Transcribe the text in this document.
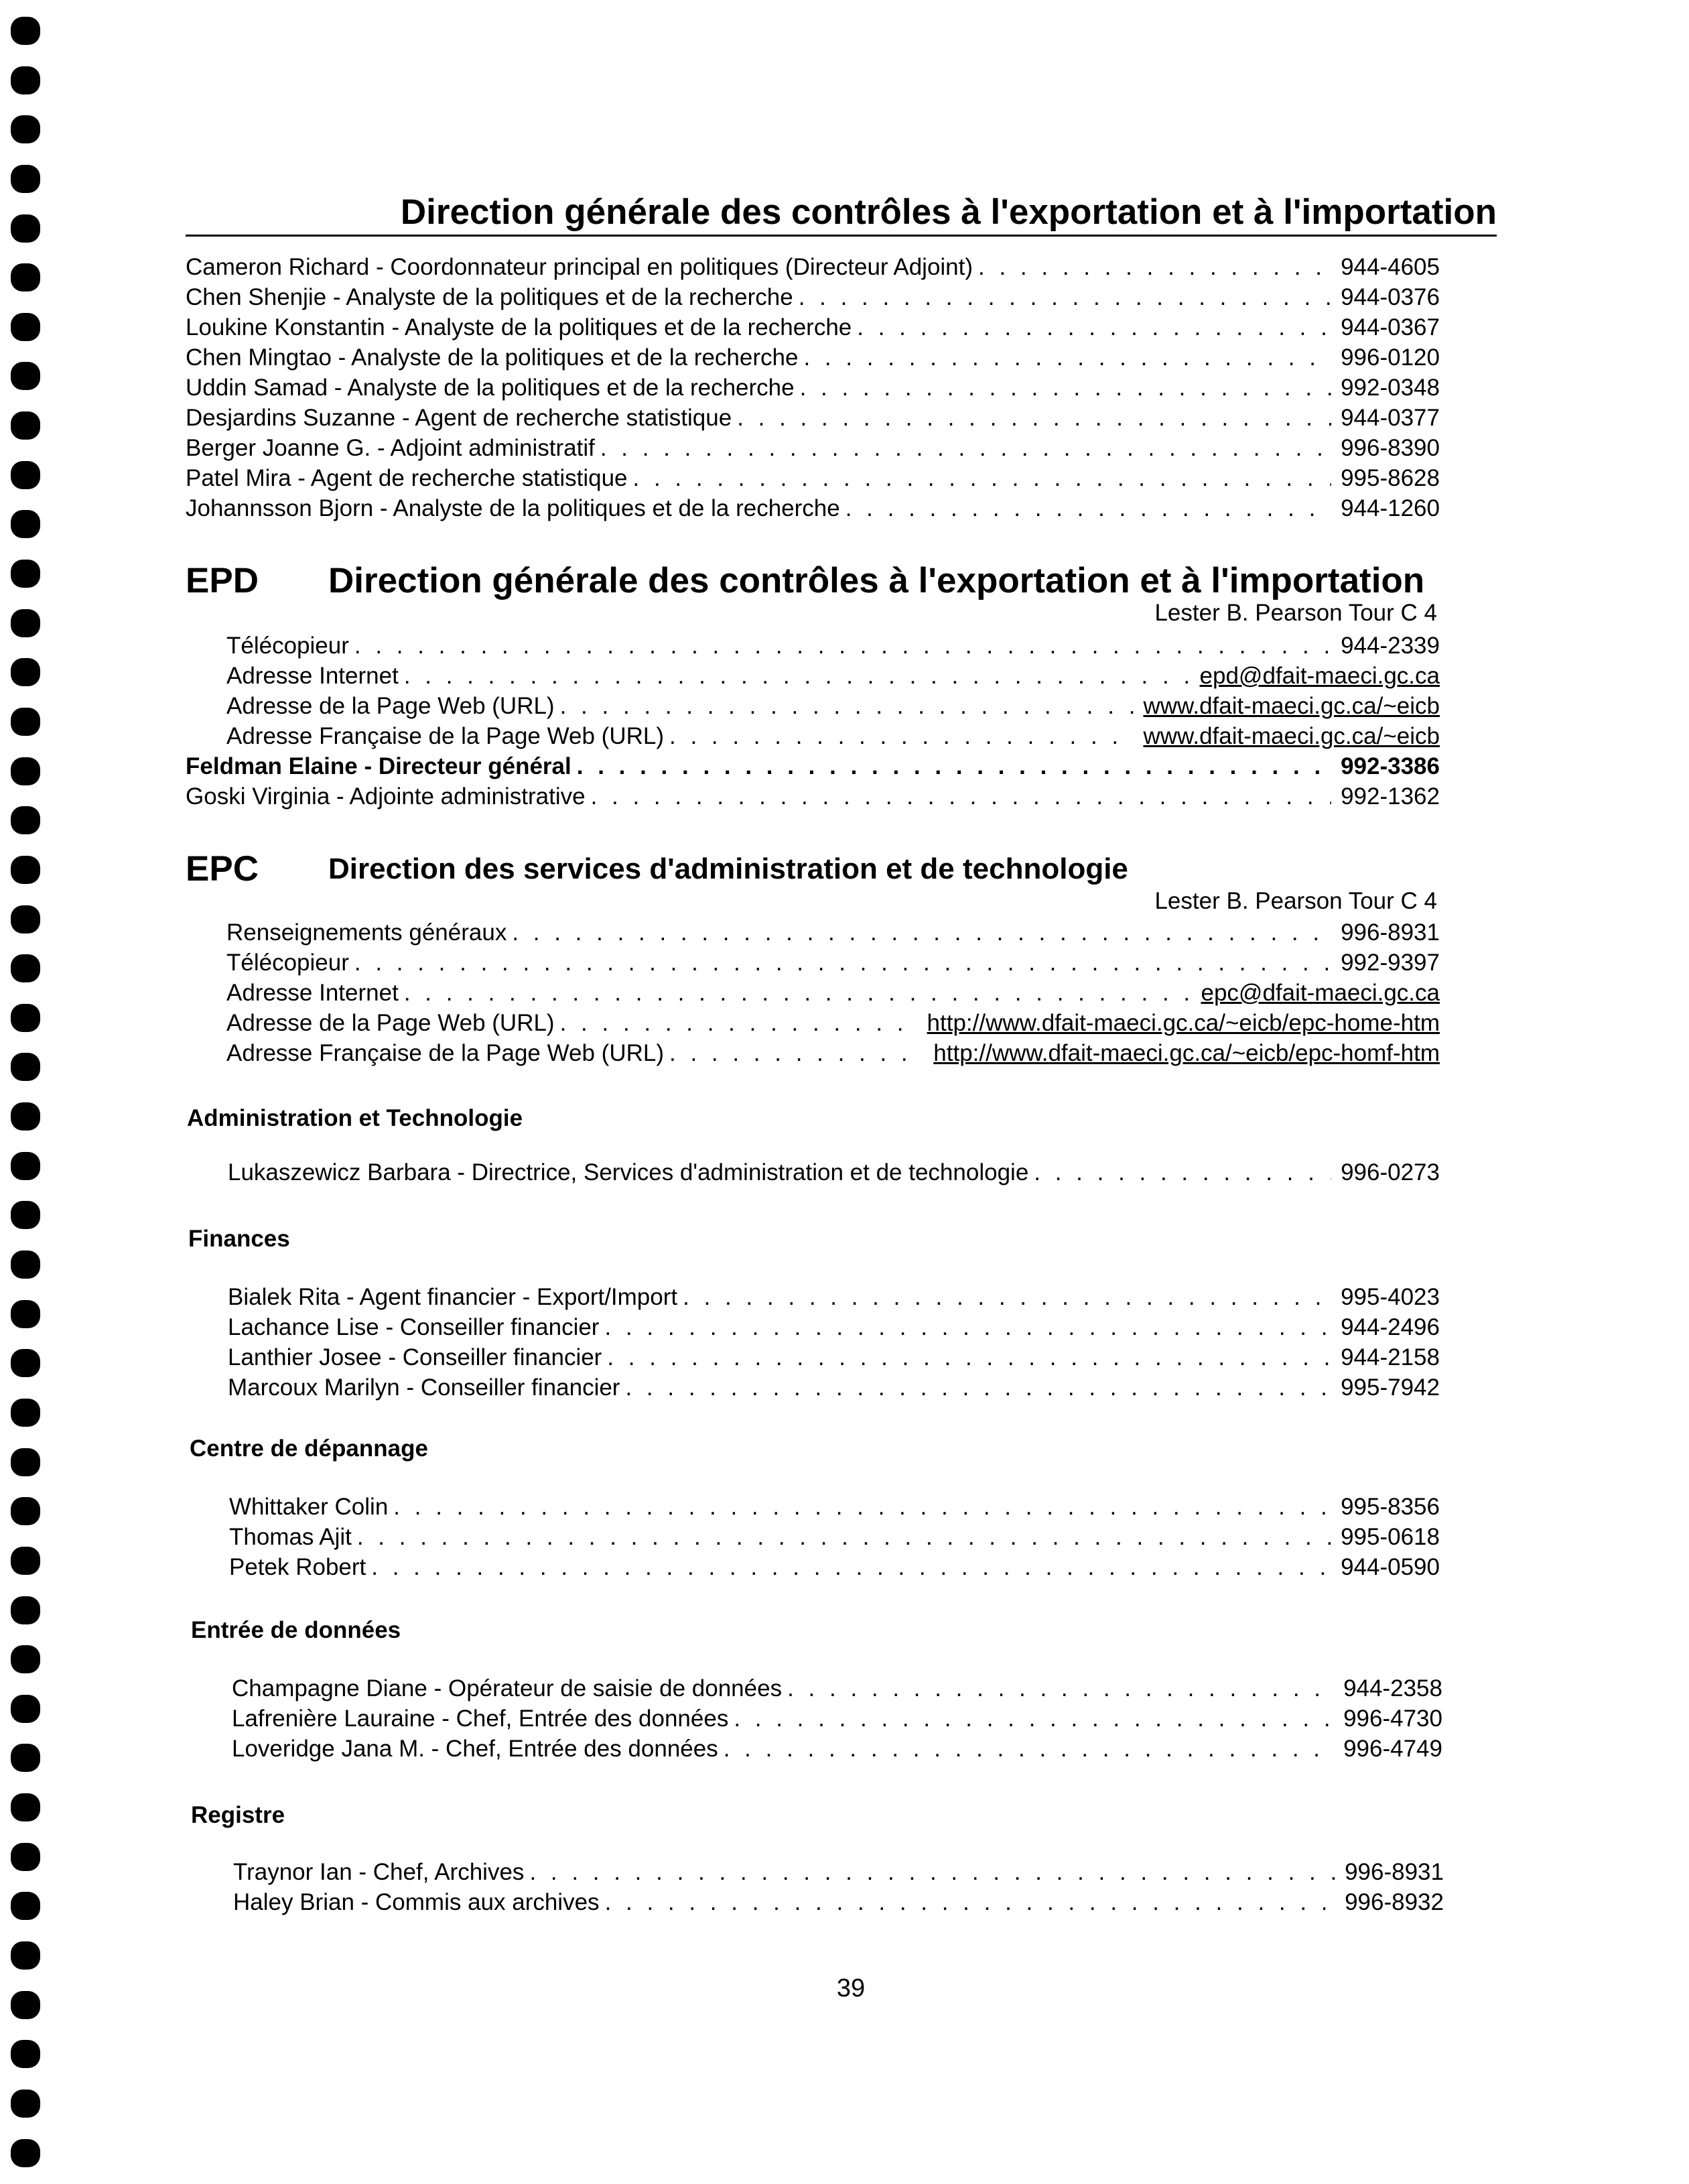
Direction générale des contrôles à l'exportation et à l'importation
Cameron Richard - Coordonnateur principal en politiques (Directeur Adjoint) . . .	944-4605
Chen Shenjie - Analyste de la politiques et de la recherche . . .	944-0376
Loukine Konstantin - Analyste de la politiques et de la recherche . . .	944-0367
Chen Mingtao - Analyste de la politiques et de la recherche . . .	996-0120
Uddin Samad - Analyste de la politiques et de la recherche . . .	992-0348
Desjardins Suzanne - Agent de recherche statistique . . .	944-0377
Berger Joanne G. - Adjoint administratif . . .	996-8390
Patel Mira - Agent de recherche statistique . . .	995-8628
Johannsson Bjorn - Analyste de la politiques et de la recherche . . .	944-1260
EPD Direction générale des contrôles à l'exportation et à l'importation
Lester B. Pearson Tour C 4
Télécopieur . . .	944-2339
Adresse Internet . . .	epd@dfait-maeci.gc.ca
Adresse de la Page Web (URL) . . .	www.dfait-maeci.gc.ca/~eicb
Adresse Française de la Page Web (URL) . . .	www.dfait-maeci.gc.ca/~eicb
Feldman Elaine - Directeur général . . .	992-3386
Goski Virginia - Adjointe administrative . . .	992-1362
EPC Direction des services d'administration et de technologie
Lester B. Pearson Tour C 4
Renseignements généraux . . .	996-8931
Télécopieur . . .	992-9397
Adresse Internet . . .	epc@dfait-maeci.gc.ca
Adresse de la Page Web (URL) . . .	http://www.dfait-maeci.gc.ca/~eicb/epc-home-htm
Adresse Française de la Page Web (URL) . . .	http://www.dfait-maeci.gc.ca/~eicb/epc-homf-htm
Administration et Technologie
Lukaszewicz Barbara - Directrice, Services d'administration et de technologie . . .	996-0273
Finances
Bialek Rita - Agent financier - Export/Import . . .	995-4023
Lachance Lise - Conseiller financier . . .	944-2496
Lanthier Josee - Conseiller financier . . .	944-2158
Marcoux Marilyn - Conseiller financier . . .	995-7942
Centre de dépannage
Whittaker Colin . . .	995-8356
Thomas Ajit . . .	995-0618
Petek Robert . . .	944-0590
Entrée de données
Champagne Diane - Opérateur de saisie de données . . .	944-2358
Lafrenière Lauraine - Chef, Entrée des données . . .	996-4730
Loveridge Jana M. - Chef, Entrée des données . . .	996-4749
Registre
Traynor Ian - Chef, Archives . . .	996-8931
Haley Brian - Commis aux archives . . .	996-8932
39
